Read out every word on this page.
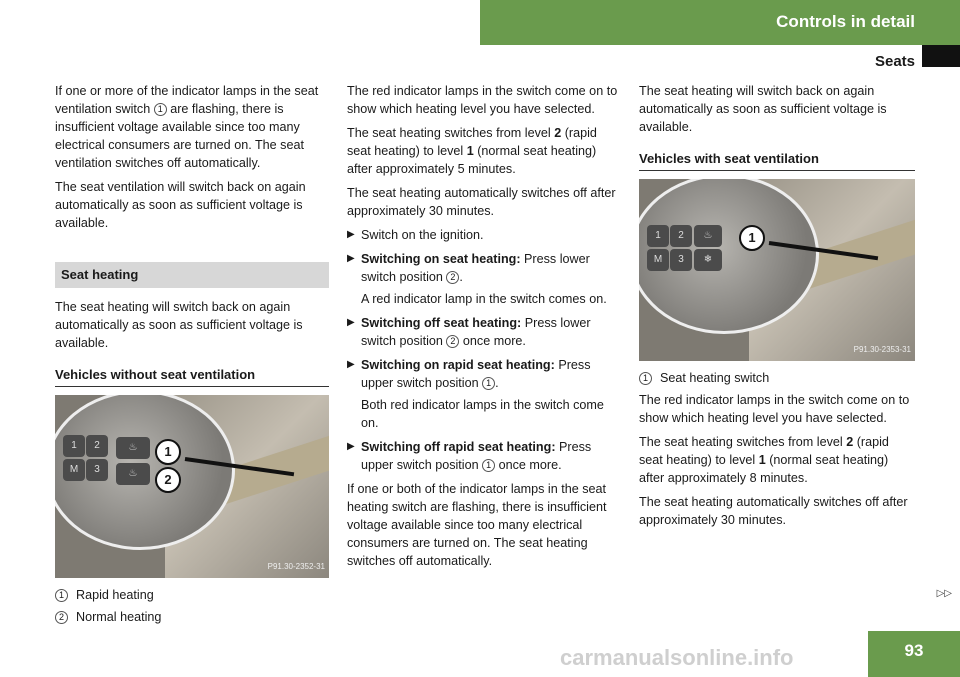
Controls in detail
Seats

If one or more of the indicator lamps in the seat ventilation switch 1 are flashing, there is insufficient voltage available since too many electrical consumers are turned on. The seat ventilation switches off automatically.

The seat ventilation will switch back on again automatically as soon as sufficient voltage is available.

Seat heating

The seat heating will switch back on again automatically as soon as sufficient voltage is available.

Vehicles without seat ventilation
1	2
M	3
♨
♨
1
2
P91.30-2352-31
1 Rapid heating
2 Normal heating

The red indicator lamps in the switch come on to show which heating level you have selected.

The seat heating switches from level 2 (rapid seat heating) to level 1 (normal seat heating) after approximately 5 minutes.

The seat heating automatically switches off after approximately 30 minutes.

▶ Switch on the ignition.
▶ Switching on seat heating: Press lower switch position 2 .
A red indicator lamp in the switch comes on.
▶ Switching off seat heating: Press lower switch position 2 once more.
▶ Switching on rapid seat heating: Press upper switch position 1 .
Both red indicator lamps in the switch come on.
▶ Switching off rapid seat heating: Press upper switch position 1 once more.

If one or both of the indicator lamps in the seat heating switch are flashing, there is insufficient voltage available since too many electrical consumers are turned on. The seat heating switches off automatically.

The seat heating will switch back on again automatically as soon as sufficient voltage is available.

Vehicles with seat ventilation
1	2
M	3
♨
❄
1
P91.30-2353-31
1 Seat heating switch

The red indicator lamps in the switch come on to show which heating level you have selected.

The seat heating switches from level 2 (rapid seat heating) to level 1 (normal seat heating) after approximately 8 minutes.

The seat heating automatically switches off after approximately 30 minutes.

▷▷
carmanualsonline.info	93
